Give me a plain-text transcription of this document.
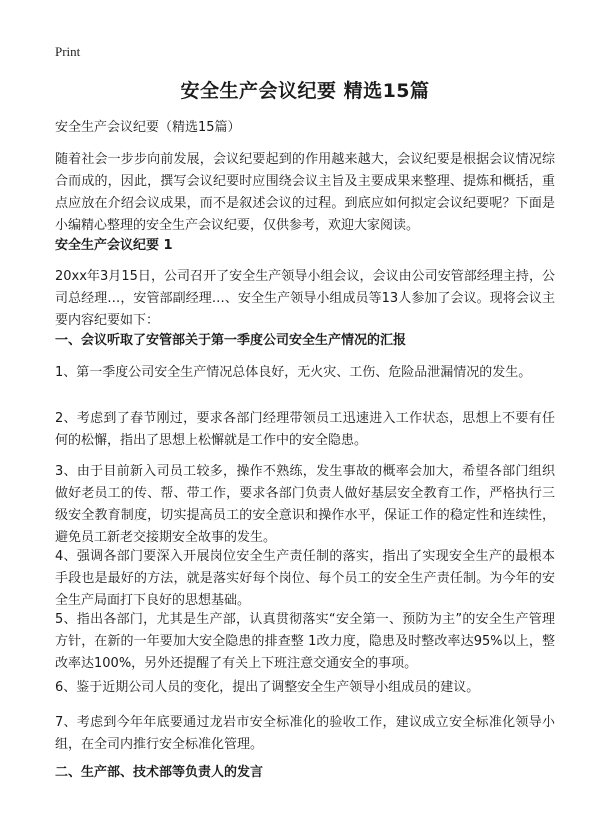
Print
安全生产会议纪要 精选15篇

安全生产会议纪要（精选15篇）

随着社会一步步向前发展，会议纪要起到的作用越来越大，会议纪要是根据会议情况综合而成的，因此，撰写会议纪要时应围绕会议主旨及主要成果来整理、提炼和概括，重点应放在介绍会议成果，而不是叙述会议的过程。到底应如何拟定会议纪要呢？下面是小编精心整理的安全生产会议纪要，仅供参考，欢迎大家阅读。

安全生产会议纪要 1

20xx年3月15日，公司召开了安全生产领导小组会议，会议由公司安管部经理主持，公司总经理…，安管部副经理…、安全生产领导小组成员等13人参加了会议。现将会议主要内容纪要如下：

一、会议听取了安管部关于第一季度公司安全生产情况的汇报

1、第一季度公司安全生产情况总体良好，无火灾、工伤、危险品泄漏情况的发生。

2、考虑到了春节刚过，要求各部门经理带领员工迅速进入工作状态，思想上不要有任何的松懈，指出了思想上松懈就是工作中的安全隐患。

3、由于目前新入司员工较多，操作不熟练，发生事故的概率会加大，希望各部门组织做好老员工的传、帮、带工作，要求各部门负责人做好基层安全教育工作，严格执行三级安全教育制度，切实提高员工的安全意识和操作水平，保证工作的稳定性和连续性，避免员工新老交接期安全故事的发生。

4、强调各部门要深入开展岗位安全生产责任制的落实，指出了实现安全生产的最根本手段也是最好的方法，就是落实好每个岗位、每个员工的安全生产责任制。为今年的安全生产局面打下良好的思想基础。

5、指出各部门，尤其是生产部，认真贯彻落实“安全第一、预防为主”的安全生产管理方针，在新的一年要加大安全隐患的排查整 1改力度，隐患及时整改率达95%以上，整改率达100%，另外还提醒了有关上下班注意交通安全的事项。

6、鉴于近期公司人员的变化，提出了调整安全生产领导小组成员的建议。

7、考虑到今年年底要通过龙岩市安全标准化的验收工作，建议成立安全标准化领导小组，在全司内推行安全标准化管理。

二、生产部、技术部等负责人的发言
